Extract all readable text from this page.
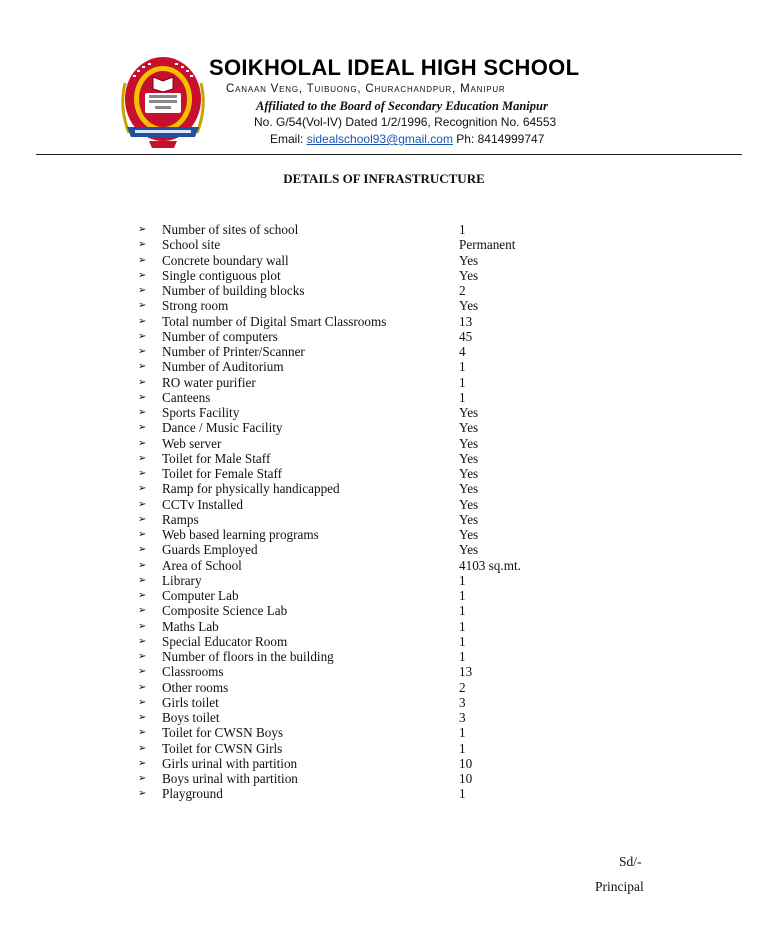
SOIKHOLAL IDEAL HIGH SCHOOL
Canaan Veng, Tuibuong, Churachandpur, Manipur
Affiliated to the Board of Secondary Education Manipur
No. G/54(Vol-IV) Dated 1/2/1996, Recognition No. 64553
Email: sidealschool93@gmail.com Ph: 8414999747
DETAILS OF INFRASTRUCTURE
➢	Number of sites of school	1
➢	School site	Permanent
➢	Concrete boundary wall	Yes
➢	Single contiguous plot	Yes
➢	Number of building blocks	2
➢	Strong room	Yes
➢	Total number of Digital Smart Classrooms	13
➢	Number of computers	45
➢	Number of Printer/Scanner	4
➢	Number of Auditorium	1
➢	RO water purifier	1
➢	Canteens	1
➢	Sports Facility	Yes
➢	Dance / Music Facility	Yes
➢	Web server	Yes
➢	Toilet for Male Staff	Yes
➢	Toilet for Female Staff	Yes
➢	Ramp for physically handicapped	Yes
➢	CCTv Installed	Yes
➢	Ramps	Yes
➢	Web based learning programs	Yes
➢	Guards Employed	Yes
➢	Area of School	4103 sq.mt.
➢	Library	1
➢	Computer Lab	1
➢	Composite Science Lab	1
➢	Maths Lab	1
➢	Special Educator Room	1
➢	Number of floors in the building	1
➢	Classrooms	13
➢	Other rooms	2
➢	Girls toilet	3
➢	Boys toilet	3
➢	Toilet for CWSN Boys	1
➢	Toilet for CWSN Girls	1
➢	Girls urinal with partition	10
➢	Boys urinal with partition	10
➢	Playground	1
Sd/-
Principal
